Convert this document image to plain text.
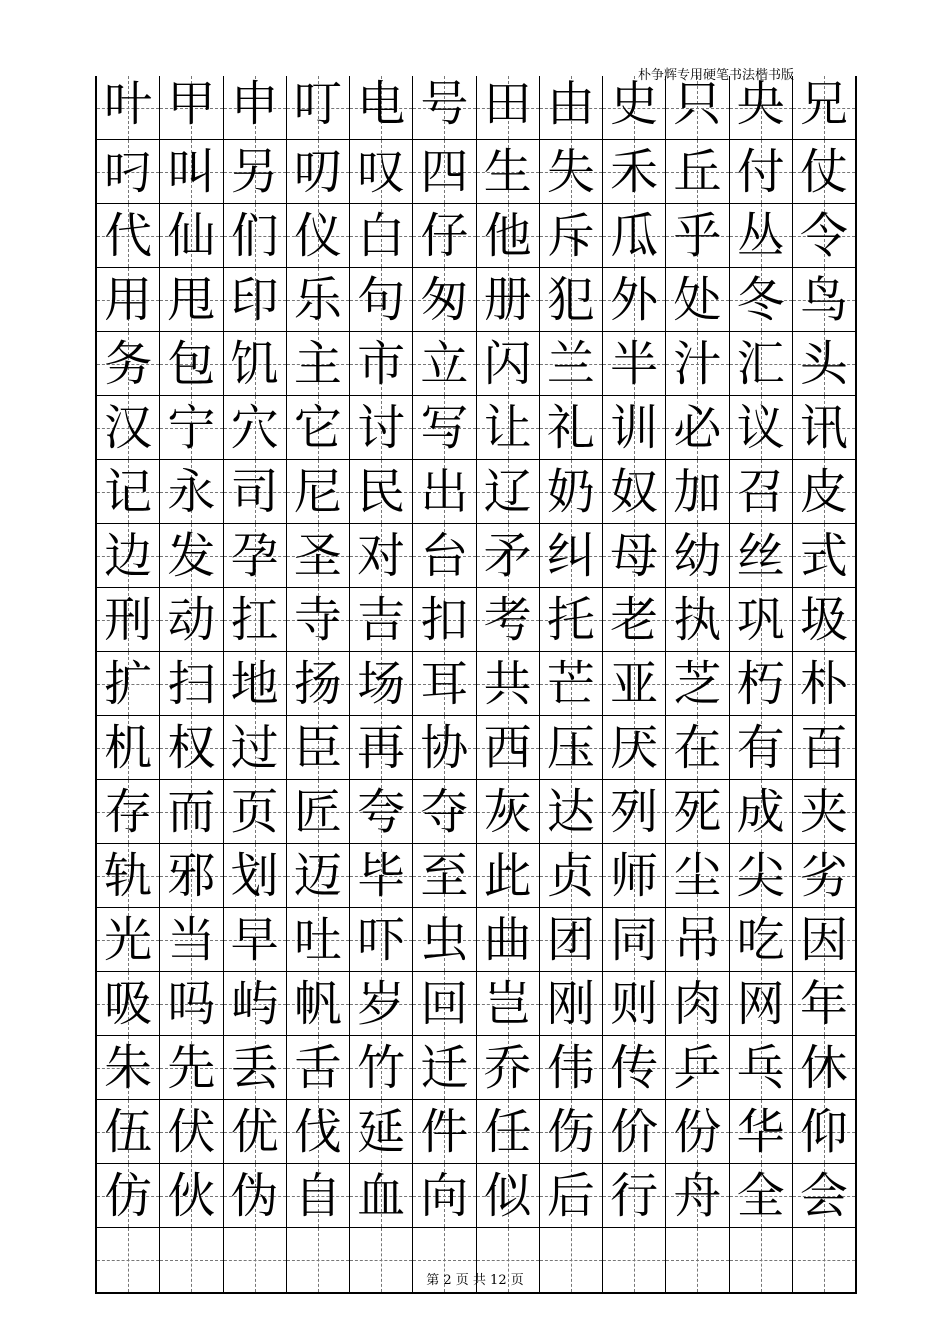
朴争辉专用硬笔书法楷书版
叶 甲 申 叮 电 号 田 由 史 只 央 兄
叼 叫 另 叨 叹 四 生 失 禾 丘 付 仗
代 仙 们 仪 白 仔 他 斥 瓜 乎 丛 令
用 甩 印 乐 句 匆 册 犯 外 处 冬 鸟
务 包 饥 主 市 立 闪 兰 半 汁 汇 头
汉 宁 穴 它 讨 写 让 礼 训 必 议 讯
记 永 司 尼 民 出 辽 奶 奴 加 召 皮
边 发 孕 圣 对 台 矛 纠 母 幼 丝 式
刑 动 扛 寺 吉 扣 考 托 老 执 巩 圾
扩 扫 地 扬 场 耳 共 芒 亚 芝 朽 朴
机 权 过 臣 再 协 西 压 厌 在 有 百
存 而 页 匠 夸 夺 灰 达 列 死 成 夹
轨 邪 划 迈 毕 至 此 贞 师 尘 尖 劣
光 当 早 吐 吓 虫 曲 团 同 吊 吃 因
吸 吗 屿 帆 岁 回 岂 刚 则 肉 网 年
朱 先 丢 舌 竹 迁 乔 伟 传 乒 乓 休
伍 伏 优 伐 延 件 任 伤 价 份 华 仰
仿 伙 伪 自 血 向 似 后 行 舟 全 会
第 2 页 共 12 页
